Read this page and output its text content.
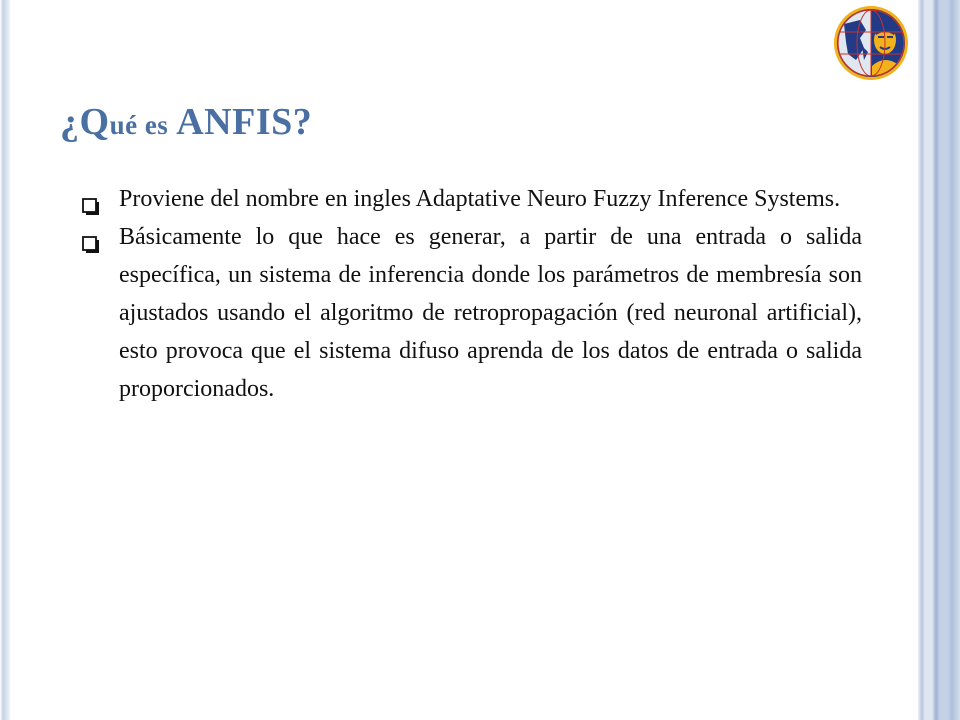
¿Qué es ANFIS?
Proviene del nombre en ingles Adaptative Neuro Fuzzy Inference Systems.
Básicamente lo que hace es generar, a partir de una entrada o salida específica, un sistema de inferencia donde los parámetros de membresía son ajustados usando el algoritmo de retropropagación (red neuronal artificial), esto provoca que el sistema difuso aprenda de los datos de entrada o salida proporcionados.
